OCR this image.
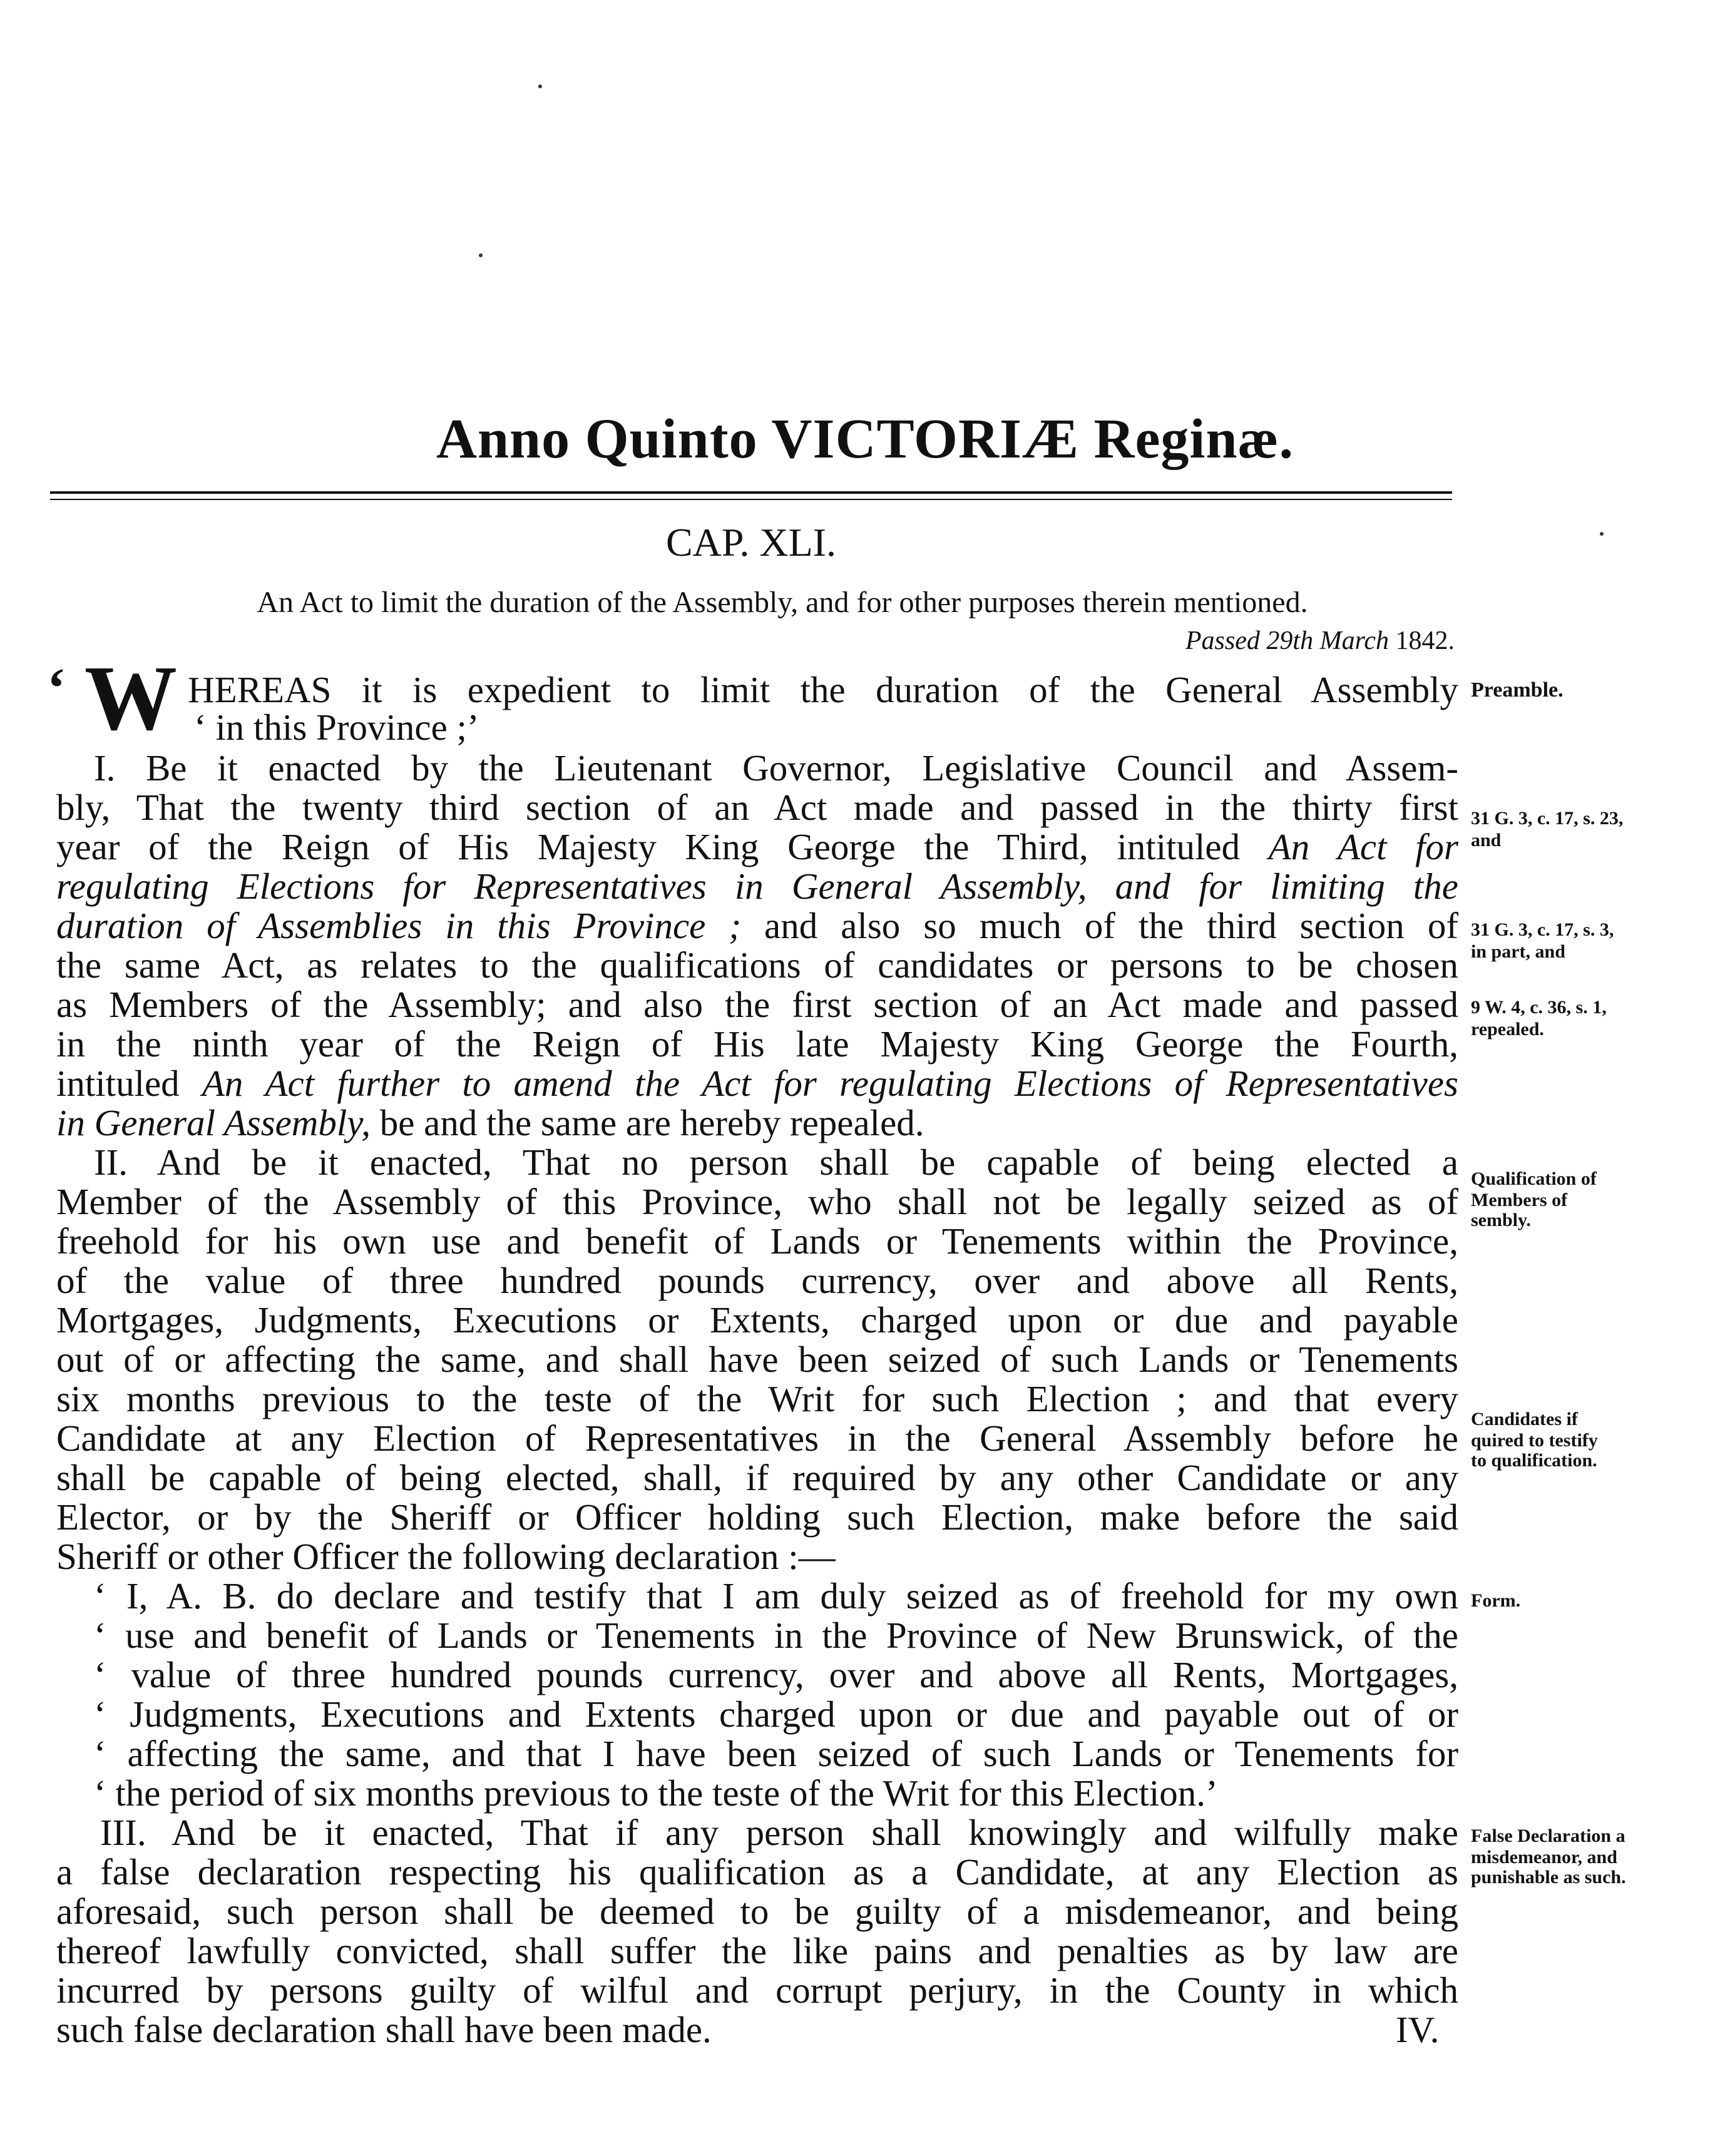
Anno Quinto VICTORIÆ Reginæ.
CAP. XLI.
An Act to limit the duration of the Assembly, and for other purposes therein mentioned.
Passed 29th March 1842.
‘ W HEREAS it is expedient to limit the duration of the General Assembly
‘ in this Province ;’
I. Be it enacted by the Lieutenant Governor, Legislative Council and Assem-
bly, That the twenty third section of an Act made and passed in the thirty first
year of the Reign of His Majesty King George the Third, intituled An Act for
regulating Elections for Representatives in General Assembly, and for limiting the
duration of Assemblies in this Province ; and also so much of the third section of
the same Act, as relates to the qualifications of candidates or persons to be chosen
as Members of the Assembly; and also the first section of an Act made and passed
in the ninth year of the Reign of His late Majesty King George the Fourth,
intituled An Act further to amend the Act for regulating Elections of Representatives
in General Assembly, be and the same are hereby repealed.
II. And be it enacted, That no person shall be capable of being elected a
Member of the Assembly of this Province, who shall not be legally seized as of
freehold for his own use and benefit of Lands or Tenements within the Province,
of the value of three hundred pounds currency, over and above all Rents,
Mortgages, Judgments, Executions or Extents, charged upon or due and payable
out of or affecting the same, and shall have been seized of such Lands or Tenements
six months previous to the teste of the Writ for such Election ; and that every
Candidate at any Election of Representatives in the General Assembly before he
shall be capable of being elected, shall, if required by any other Candidate or any
Elector, or by the Sheriff or Officer holding such Election, make before the said
Sheriff or other Officer the following declaration :—
‘ I, A. B. do declare and testify that I am duly seized as of freehold for my own
‘ use and benefit of Lands or Tenements in the Province of New Brunswick, of the
‘ value of three hundred pounds currency, over and above all Rents, Mortgages,
‘ Judgments, Executions and Extents charged upon or due and payable out of or
‘ affecting the same, and that I have been seized of such Lands or Tenements for
‘ the period of six months previous to the teste of the Writ for this Election.’
III. And be it enacted, That if any person shall knowingly and wilfully make
a false declaration respecting his qualification as a Candidate, at any Election as
aforesaid, such person shall be deemed to be guilty of a misdemeanor, and being
thereof lawfully convicted, shall suffer the like pains and penalties as by law are
incurred by persons guilty of wilful and corrupt perjury, in the County in which
such false declaration shall have been made.	IV.
Preamble.
31 G. 3, c. 17, s. 23,
and
31 G. 3, c. 17, s. 3,
in part, and
9 W. 4, c. 36, s. 1,
repealed.
Qualification of
Members of
sembly.
Candidates if
quired to testify
to qualification.
Form.
False Declaration a
misdemeanor, and
punishable as such.
